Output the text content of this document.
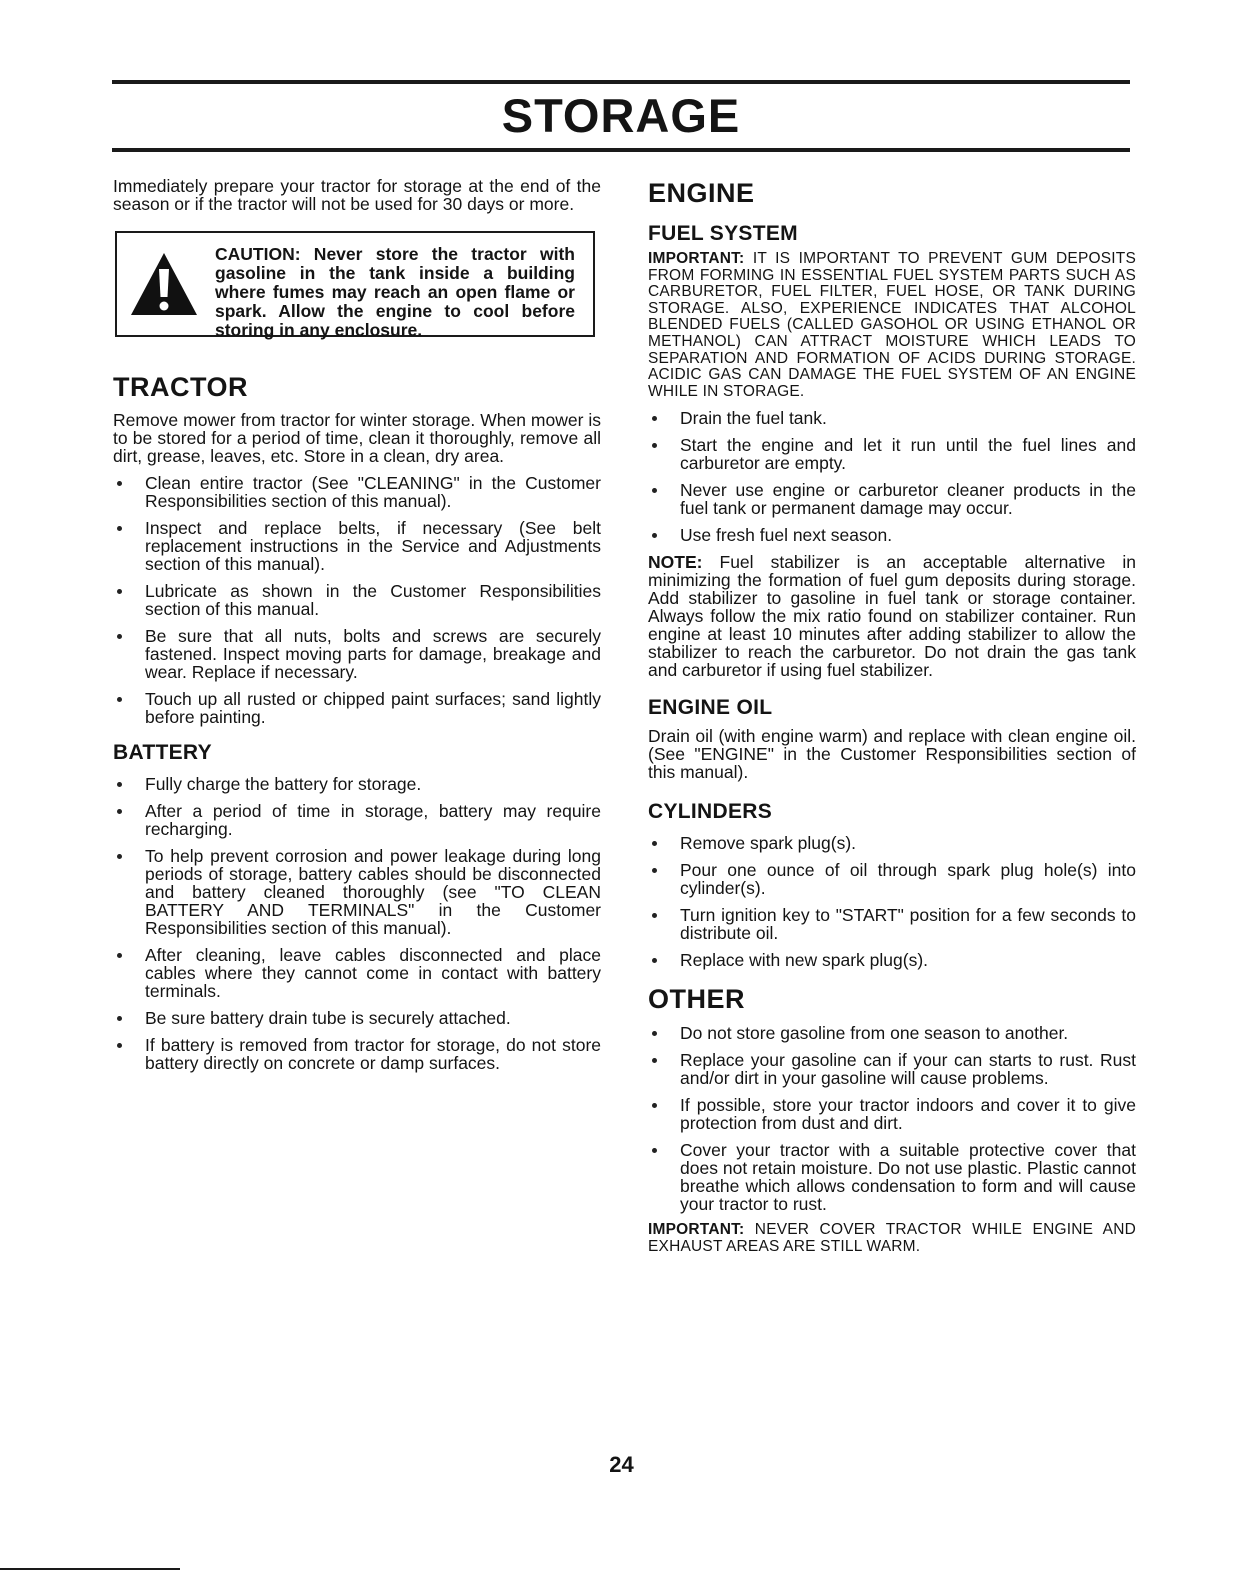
STORAGE

Immediately prepare your tractor for storage at the end of the season or if the tractor will not be used for 30 days or more.

CAUTION: Never store the tractor with gasoline in the tank inside a building where fumes may reach an open flame or spark. Allow the engine to cool before storing in any enclosure.
TRACTOR

Remove mower from tractor for winter storage. When mower is to be stored for a period of time, clean it thoroughly, remove all dirt, grease, leaves, etc. Store in a clean, dry area.

Clean entire tractor (See "CLEANING" in the Customer Responsibilities section of this manual).
Inspect and replace belts, if necessary (See belt replacement instructions in the Service and Adjustments section of this manual).
Lubricate as shown in the Customer Responsibilities section of this manual.
Be sure that all nuts, bolts and screws are securely fastened. Inspect moving parts for damage, breakage and wear. Replace if necessary.
Touch up all rusted or chipped paint surfaces; sand lightly before painting.
BATTERY
Fully charge the battery for storage.
After a period of time in storage, battery may require recharging.
To help prevent corrosion and power leakage during long periods of storage, battery cables should be disconnected and battery cleaned thoroughly (see "TO CLEAN BATTERY AND TERMINALS" in the Customer Responsibilities section of this manual).
After cleaning, leave cables disconnected and place cables where they cannot come in contact with battery terminals.
Be sure battery drain tube is securely attached.
If battery is removed from tractor for storage, do not store battery directly on concrete or damp surfaces.
ENGINE
FUEL SYSTEM

IMPORTANT: IT IS IMPORTANT TO PREVENT GUM DEPOSITS FROM FORMING IN ESSENTIAL FUEL SYSTEM PARTS SUCH AS CARBURETOR, FUEL FILTER, FUEL HOSE, OR TANK DURING STORAGE. ALSO, EXPERIENCE INDICATES THAT ALCOHOL BLENDED FUELS (CALLED GASOHOL OR USING ETHANOL OR METHANOL) CAN ATTRACT MOISTURE WHICH LEADS TO SEPARATION AND FORMATION OF ACIDS DURING STORAGE. ACIDIC GAS CAN DAMAGE THE FUEL SYSTEM OF AN ENGINE WHILE IN STORAGE.

Drain the fuel tank.
Start the engine and let it run until the fuel lines and carburetor are empty.
Never use engine or carburetor cleaner products in the fuel tank or permanent damage may occur.
Use fresh fuel next season.

NOTE: Fuel stabilizer is an acceptable alternative in minimizing the formation of fuel gum deposits during storage. Add stabilizer to gasoline in fuel tank or storage container. Always follow the mix ratio found on stabilizer container. Run engine at least 10 minutes after adding stabilizer to allow the stabilizer to reach the carburetor. Do not drain the gas tank and carburetor if using fuel stabilizer.

ENGINE OIL

Drain oil (with engine warm) and replace with clean engine oil. (See "ENGINE" in the Customer Responsibilities section of this manual).

CYLINDERS
Remove spark plug(s).
Pour one ounce of oil through spark plug hole(s) into cylinder(s).
Turn ignition key to "START" position for a few seconds to distribute oil.
Replace with new spark plug(s).
OTHER
Do not store gasoline from one season to another.
Replace your gasoline can if your can starts to rust. Rust and/or dirt in your gasoline will cause problems.
If possible, store your tractor indoors and cover it to give protection from dust and dirt.
Cover your tractor with a suitable protective cover that does not retain moisture. Do not use plastic. Plastic cannot breathe which allows condensation to form and will cause your tractor to rust.

IMPORTANT: NEVER COVER TRACTOR WHILE ENGINE AND EXHAUST AREAS ARE STILL WARM.

24
